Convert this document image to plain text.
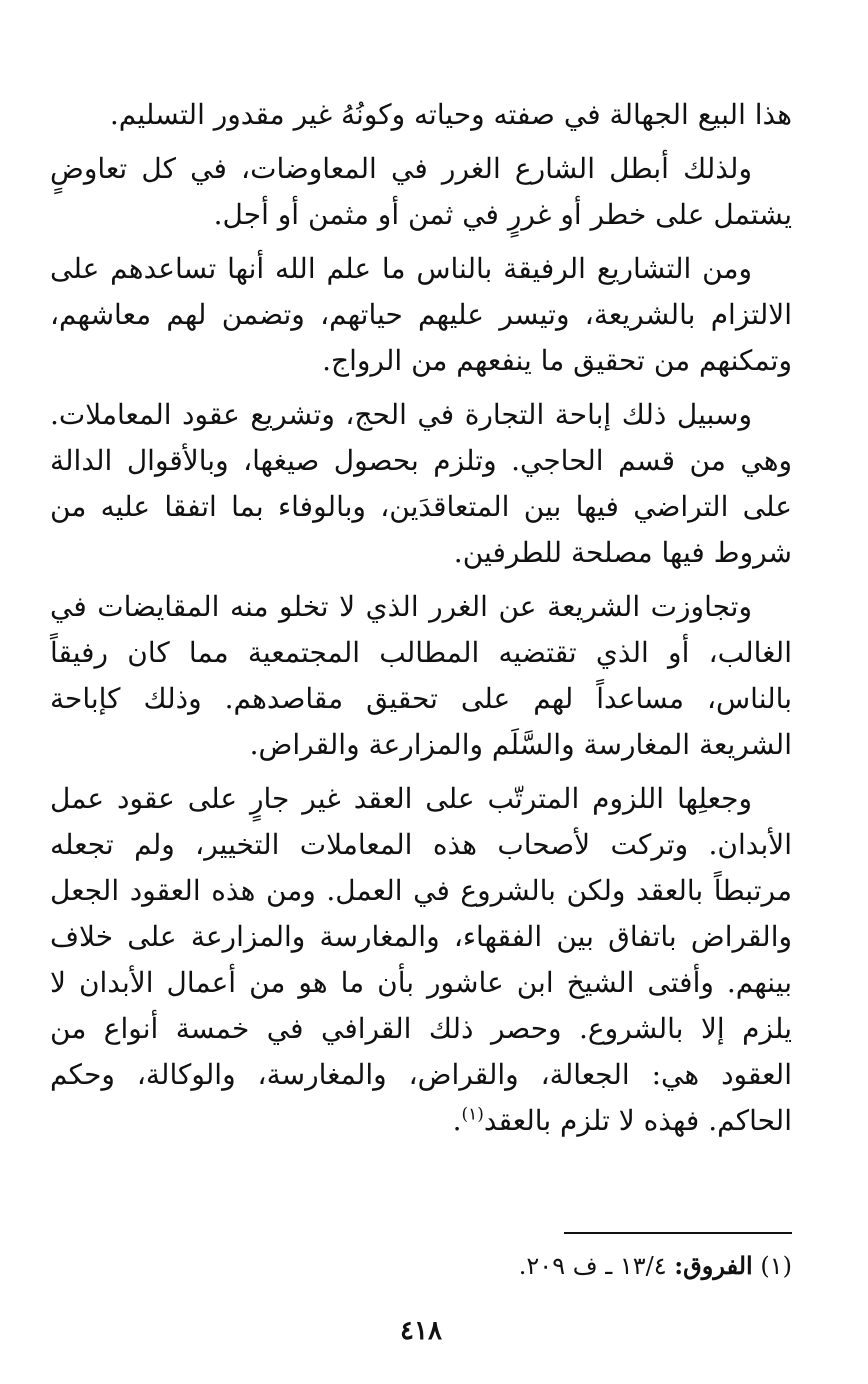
هذا البيع الجهالة في صفته وحياته وكونُهُ غير مقدور التسليم.

ولذلك أبطل الشارع الغرر في المعاوضات، في كل تعاوضٍ يشتمل على خطر أو غررٍ في ثمن أو مثمن أو أجل.

ومن التشاريع الرفيقة بالناس ما علم الله أنها تساعدهم على الالتزام بالشريعة، وتيسر عليهم حياتهم، وتضمن لهم معاشهم، وتمكنهم من تحقيق ما ينفعهم من الرواج.

وسبيل ذلك إباحة التجارة في الحج، وتشريع عقود المعاملات. وهي من قسم الحاجي. وتلزم بحصول صيغها، وبالأقوال الدالة على التراضي فيها بين المتعاقدَين، وبالوفاء بما اتفقا عليه من شروط فيها مصلحة للطرفين.

وتجاوزت الشريعة عن الغرر الذي لا تخلو منه المقايضات في الغالب، أو الذي تقتضيه المطالب المجتمعية مما كان رفيقاً بالناس، مساعداً لهم على تحقيق مقاصدهم. وذلك كإباحة الشريعة المغارسة والسَّلَم والمزارعة والقراض.

وجعلِها اللزوم المترتّب على العقد غير جارٍ على عقود عمل الأبدان. وتركت لأصحاب هذه المعاملات التخيير، ولم تجعله مرتبطاً بالعقد ولكن بالشروع في العمل. ومن هذه العقود الجعل والقراض باتفاق بين الفقهاء، والمغارسة والمزارعة على خلاف بينهم. وأفتى الشيخ ابن عاشور بأن ما هو من أعمال الأبدان لا يلزم إلا بالشروع. وحصر ذلك القرافي في خمسة أنواع من العقود هي: الجعالة، والقراض، والمغارسة، والوكالة، وحكم الحاكم. فهذه لا تلزم بالعقد$^{(١)}$.

(١) الفروق: ١٣/٤ ـ ف ٢٠٩.
٤١٨
